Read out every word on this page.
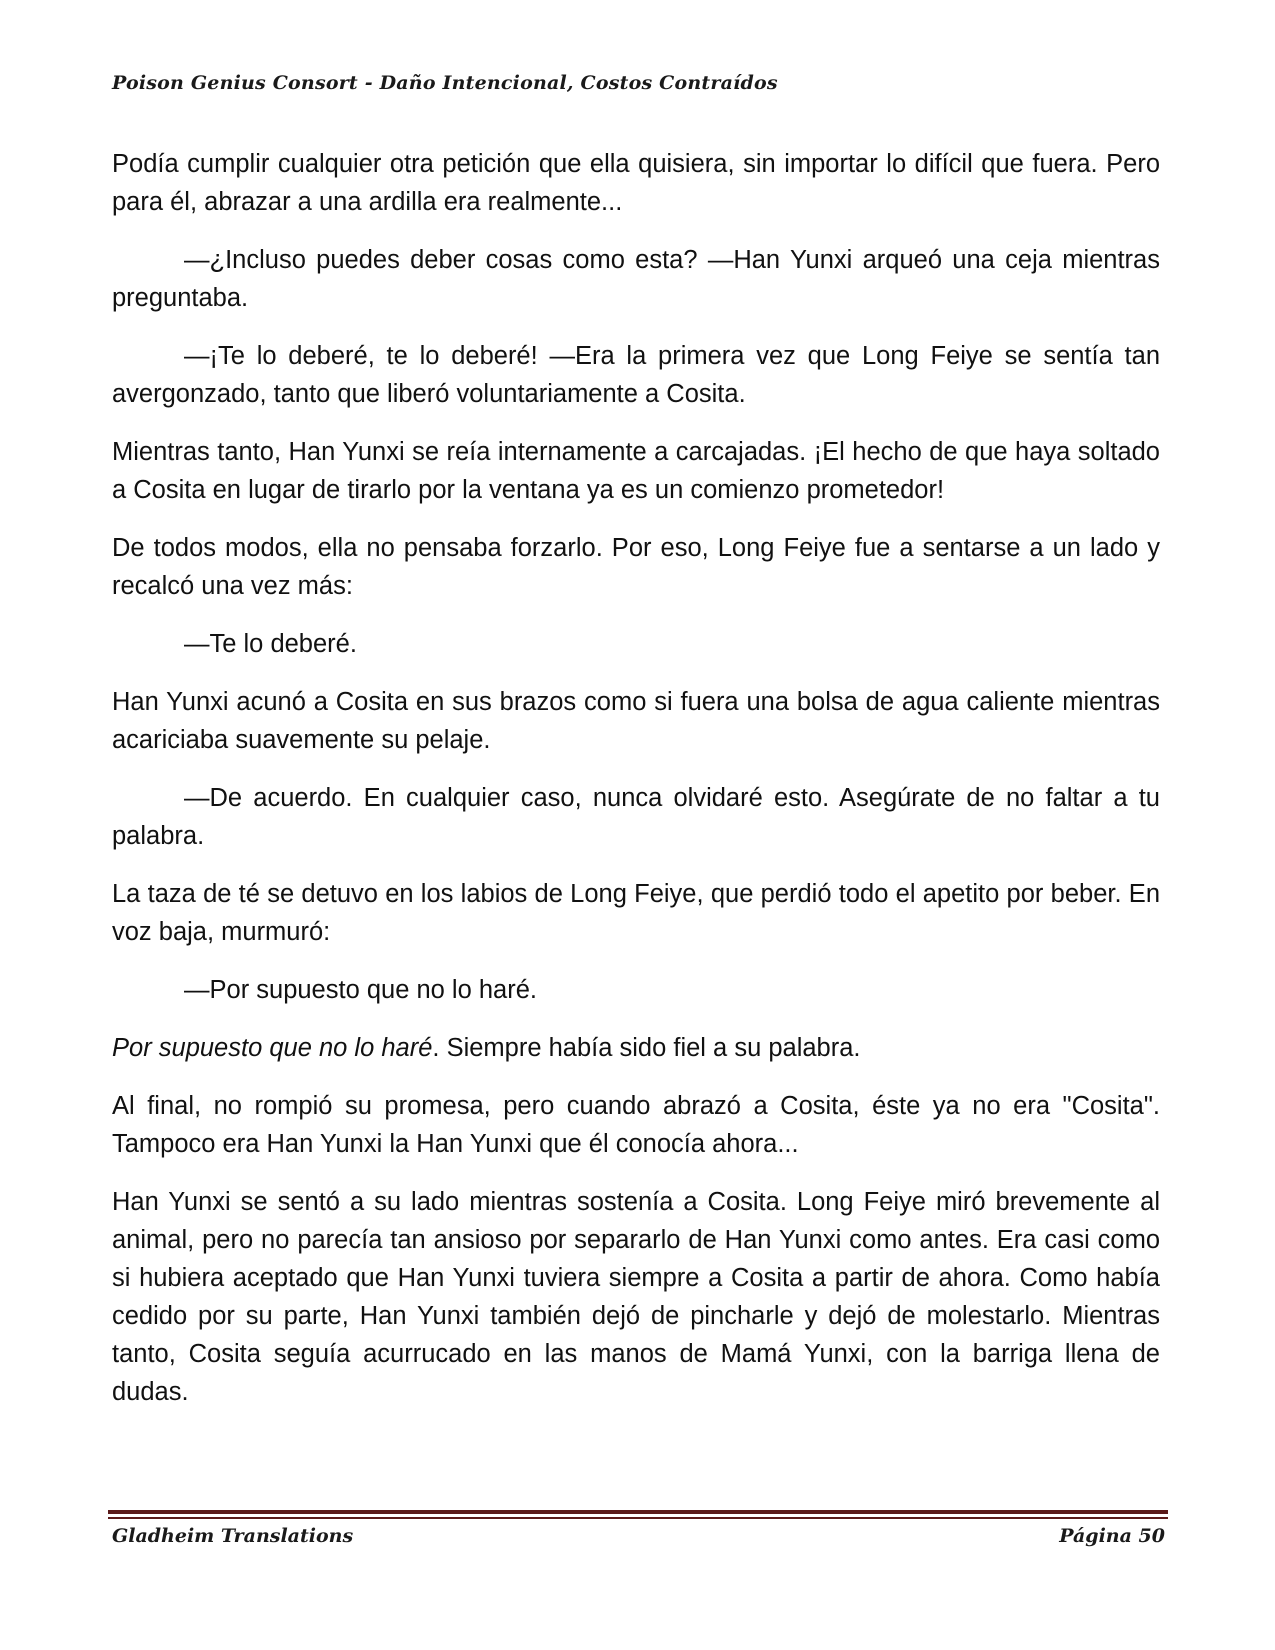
Poison Genius Consort - Daño Intencional, Costos Contraídos

Podía cumplir cualquier otra petición que ella quisiera, sin importar lo difícil que fuera. Pero para él, abrazar a una ardilla era realmente...

—¿Incluso puedes deber cosas como esta? —Han Yunxi arqueó una ceja mientras preguntaba.

—¡Te lo deberé, te lo deberé! —Era la primera vez que Long Feiye se sentía tan avergonzado, tanto que liberó voluntariamente a Cosita.

Mientras tanto, Han Yunxi se reía internamente a carcajadas. ¡El hecho de que haya soltado a Cosita en lugar de tirarlo por la ventana ya es un comienzo prometedor!

De todos modos, ella no pensaba forzarlo. Por eso, Long Feiye fue a sentarse a un lado y recalcó una vez más:

—Te lo deberé.

Han Yunxi acunó a Cosita en sus brazos como si fuera una bolsa de agua caliente mientras acariciaba suavemente su pelaje.

—De acuerdo. En cualquier caso, nunca olvidaré esto. Asegúrate de no faltar a tu palabra.

La taza de té se detuvo en los labios de Long Feiye, que perdió todo el apetito por beber. En voz baja, murmuró:

—Por supuesto que no lo haré.

Por supuesto que no lo haré. Siempre había sido fiel a su palabra.

Al final, no rompió su promesa, pero cuando abrazó a Cosita, éste ya no era "Cosita". Tampoco era Han Yunxi la Han Yunxi que él conocía ahora...

Han Yunxi se sentó a su lado mientras sostenía a Cosita. Long Feiye miró brevemente al animal, pero no parecía tan ansioso por separarlo de Han Yunxi como antes. Era casi como si hubiera aceptado que Han Yunxi tuviera siempre a Cosita a partir de ahora. Como había cedido por su parte, Han Yunxi también dejó de pincharle y dejó de molestarlo. Mientras tanto, Cosita seguía acurrucado en las manos de Mamá Yunxi, con la barriga llena de dudas.

Gladheim Translations	Página 50
